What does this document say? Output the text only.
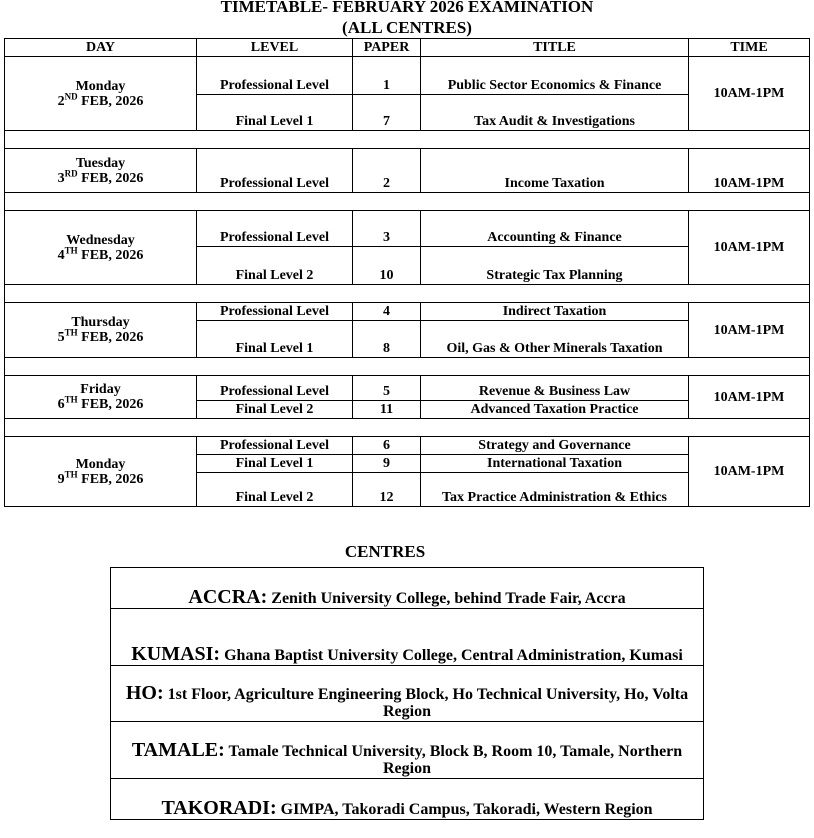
TIMETABLE- FEBRUARY 2026 EXAMINATION
(ALL CENTRES)
DAY	LEVEL	PAPER	TITLE	TIME

Monday
2ND FEB, 2026	Professional Level	1	Public Sector Economics & Finance	10AM-1PM
	Final Level 1	7	Tax Audit & Investigations	

Tuesday
3RD FEB, 2026	Professional Level	2	Income Taxation	10AM-1PM

Wednesday
4TH FEB, 2026	Professional Level	3	Accounting & Finance	10AM-1PM
	Final Level 2	10	Strategic Tax Planning	

Thursday
5TH FEB, 2026	Professional Level	4	Indirect Taxation	10AM-1PM
	Final Level 1	8	Oil, Gas & Other Minerals Taxation	

Friday
6TH FEB, 2026	Professional Level	5	Revenue & Business Law	10AM-1PM
	Final Level 2	11	Advanced Taxation Practice	

Monday
9TH FEB, 2026	Professional Level	6	Strategy and Governance	10AM-1PM
	Final Level 1	9	International Taxation	
	Final Level 2	12	Tax Practice Administration & Ethics	
CENTRES
ACCRA: Zenith University College, behind Trade Fair, Accra
KUMASI: Ghana Baptist University College, Central Administration, Kumasi
HO: 1st Floor, Agriculture Engineering Block, Ho Technical University, Ho, Volta Region
TAMALE: Tamale Technical University, Block B, Room 10, Tamale, Northern Region
TAKORADI: GIMPA, Takoradi Campus, Takoradi, Western Region
